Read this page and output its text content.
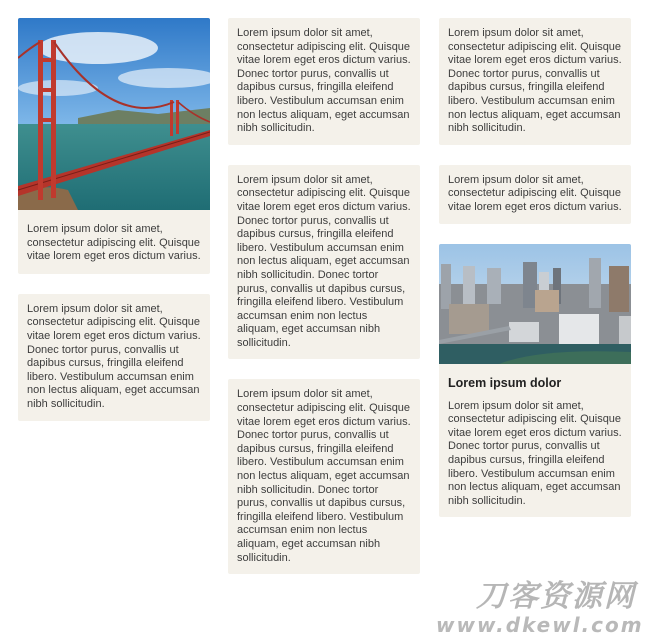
Lorem ipsum dolor sit amet, consectetur adipiscing elit. Quisque vitae lorem eget eros dictum varius.

Lorem ipsum dolor sit amet, consectetur adipiscing elit. Quisque vitae lorem eget eros dictum varius. Donec tortor purus, convallis ut dapibus cursus, fringilla eleifend libero. Vestibulum accumsan enim non lectus aliquam, eget accumsan nibh sollicitudin.

Lorem ipsum dolor sit amet, consectetur adipiscing elit. Quisque vitae lorem eget eros dictum varius. Donec tortor purus, convallis ut dapibus cursus, fringilla eleifend libero. Vestibulum accumsan enim non lectus aliquam, eget accumsan nibh sollicitudin.

Lorem ipsum dolor sit amet, consectetur adipiscing elit. Quisque vitae lorem eget eros dictum varius. Donec tortor purus, convallis ut dapibus cursus, fringilla eleifend libero. Vestibulum accumsan enim non lectus aliquam, eget accumsan nibh sollicitudin. Donec tortor purus, convallis ut dapibus cursus, fringilla eleifend libero. Vestibulum accumsan enim non lectus aliquam, eget accumsan nibh sollicitudin.

Lorem ipsum dolor sit amet, consectetur adipiscing elit. Quisque vitae lorem eget eros dictum varius. Donec tortor purus, convallis ut dapibus cursus, fringilla eleifend libero. Vestibulum accumsan enim non lectus aliquam, eget accumsan nibh sollicitudin. Donec tortor purus, convallis ut dapibus cursus, fringilla eleifend libero. Vestibulum accumsan enim non lectus aliquam, eget accumsan nibh sollicitudin.

Lorem ipsum dolor sit amet, consectetur adipiscing elit. Quisque vitae lorem eget eros dictum varius. Donec tortor purus, convallis ut dapibus cursus, fringilla eleifend libero. Vestibulum accumsan enim non lectus aliquam, eget accumsan nibh sollicitudin.

Lorem ipsum dolor sit amet, consectetur adipiscing elit. Quisque vitae lorem eget eros dictum varius.

Lorem ipsum dolor

Lorem ipsum dolor sit amet, consectetur adipiscing elit. Quisque vitae lorem eget eros dictum varius. Donec tortor purus, convallis ut dapibus cursus, fringilla eleifend libero. Vestibulum accumsan enim non lectus aliquam, eget accumsan nibh sollicitudin.

刀客资源网
www.dkewl.com
